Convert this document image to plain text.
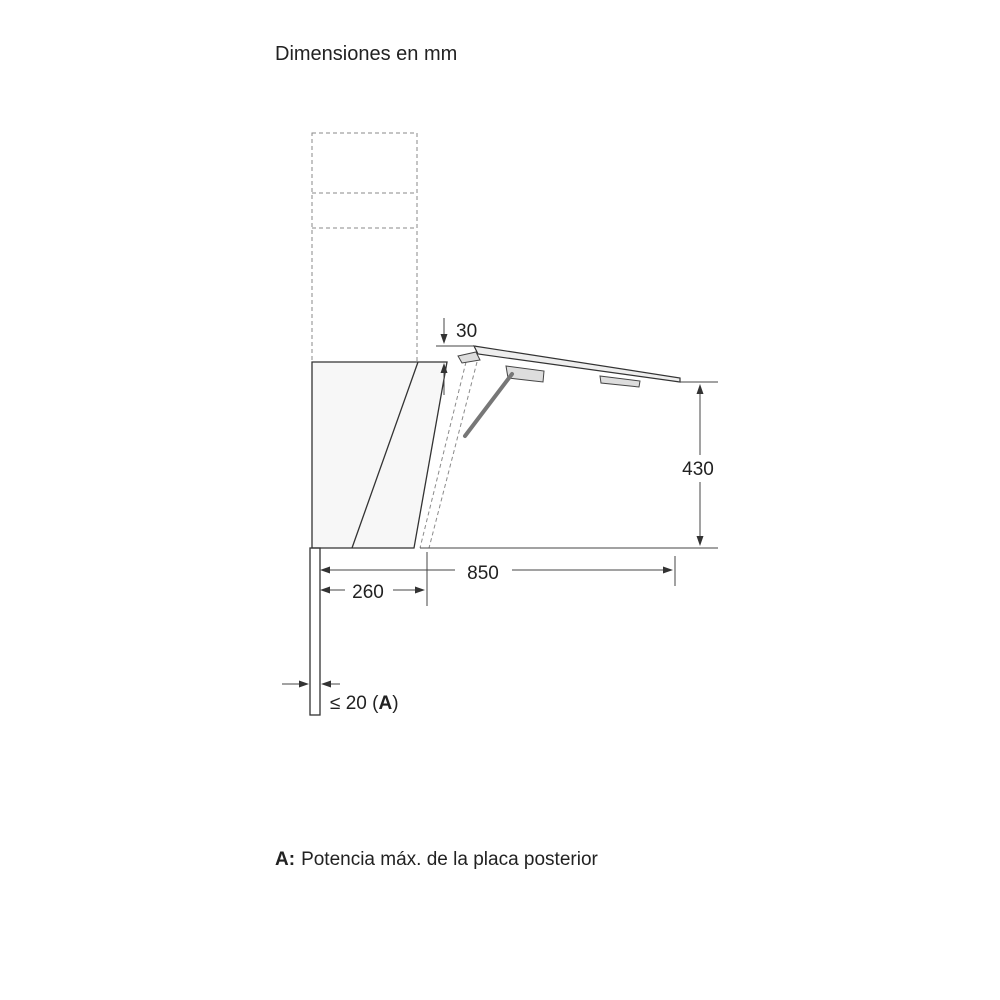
Dimensiones en mm
30
430
850
260
≤ 20 (A)
A: Potencia máx. de la placa posterior
